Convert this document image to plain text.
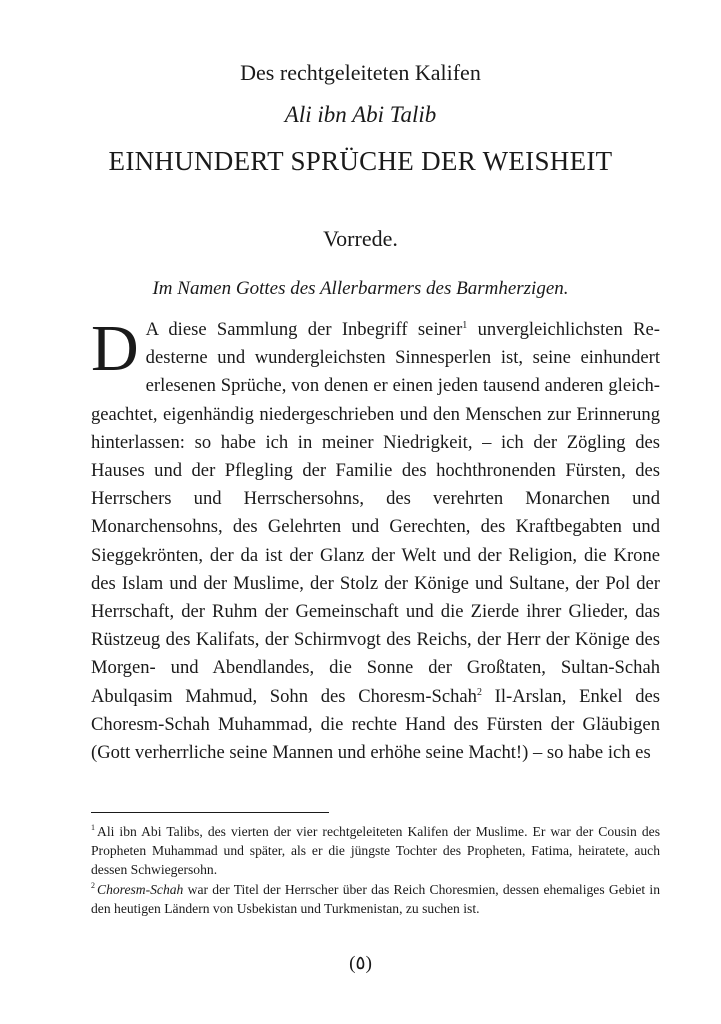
Des rechtgeleiteten Kalifen
Ali ibn Abi Talib
EINHUNDERT SPRÜCHE DER WEISHEIT
Vorrede.
Im Namen Gottes des Allerbarmers des Barmherzigen.
D A diese Sammlung der Inbegriff seiner$^1$ unvergleichlichsten Redesterne und wundergleichsten Sinnesperlen ist, seine einhundert erlesenen Sprüche, von denen er einen jeden tausend anderen gleichgeachtet, eigenhändig niedergeschrieben und den Menschen zur Erinnerung hinterlassen: so habe ich in meiner Niedrigkeit, – ich der Zögling des Hauses und der Pflegling der Familie des hochthronenden Fürsten, des Herrschers und Herrschersohns, des verehrten Monarchen und Monarchensohns, des Gelehrten und Gerechten, des Kraftbegabten und Sieggekrönten, der da ist der Glanz der Welt und der Religion, die Krone des Islam und der Muslime, der Stolz der Könige und Sultane, der Pol der Herrschaft, der Ruhm der Gemeinschaft und die Zierde ihrer Glieder, das Rüstzeug des Kalifats, der Schirmvogt des Reichs, der Herr der Könige des Morgen- und Abendlandes, die Sonne der Großtaten, Sultan-Schah Abulqasim Mahmud, Sohn des Choresm-Schah$^2$ Il-Arslan, Enkel des Choresm-Schah Muhammad, die rechte Hand des Fürsten der Gläubigen (Gott verherrliche seine Mannen und erhöhe seine Macht!) – so habe ich es

$^1$ Ali ibn Abi Talibs, des vierten der vier rechtgeleiteten Kalifen der Muslime. Er war der Cousin des Propheten Muhammad und später, als er die jüngste Tochter des Propheten, Fatima, heiratete, auch dessen Schwiegersohn.

$^2$ Choresm-Schah war der Titel der Herrscher über das Reich Choresmien, dessen ehemaliges Gebiet in den heutigen Ländern von Usbekistan und Turkmenistan, zu suchen ist.

(٥)
